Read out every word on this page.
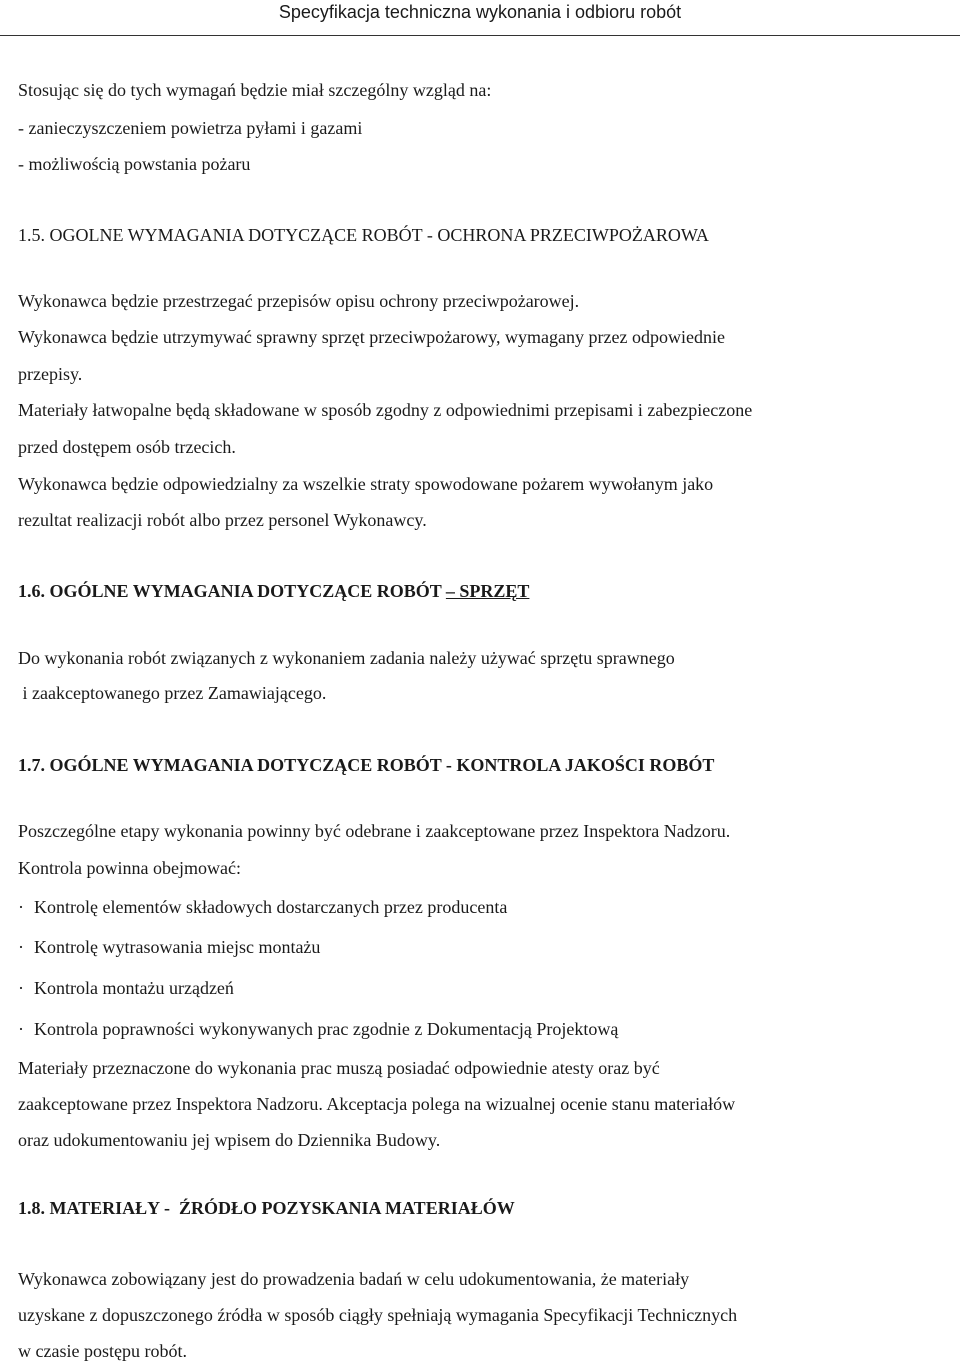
Specyfikacja techniczna wykonania i odbioru robót
Stosując się do tych wymagań będzie miał szczególny wzgląd na:
- zanieczyszczeniem powietrza pyłami i gazami
- możliwością powstania pożaru
1.5. OGOLNE WYMAGANIA DOTYCZĄCE ROBÓT - OCHRONA PRZECIWPOŻAROWA
Wykonawca będzie przestrzegać przepisów opisu ochrony przeciwpożarowej.
Wykonawca będzie utrzymywać sprawny sprzęt przeciwpożarowy, wymagany przez odpowiednie
przepisy.
Materiały łatwopalne będą składowane w sposób zgodny z odpowiednimi przepisami i zabezpieczone
przed dostępem osób trzecich.
Wykonawca będzie odpowiedzialny za wszelkie straty spowodowane pożarem wywołanym jako
rezultat realizacji robót albo przez personel Wykonawcy.
1.6. OGÓLNE WYMAGANIA DOTYCZĄCE ROBÓT – SPRZĘT
Do wykonania robót związanych z wykonaniem zadania należy używać sprzętu sprawnego
i zaakceptowanego przez Zamawiającego.
1.7. OGÓLNE WYMAGANIA DOTYCZĄCE ROBÓT - KONTROLA JAKOŚCI ROBÓT
Poszczególne etapy wykonania powinny być odebrane i zaakceptowane przez Inspektora Nadzoru.
Kontrola powinna obejmować:
· Kontrolę elementów składowych dostarczanych przez producenta
· Kontrolę wytrasowania miejsc montażu
· Kontrola montażu urządzeń
· Kontrola poprawności wykonywanych prac zgodnie z Dokumentacją Projektową
Materiały przeznaczone do wykonania prac muszą posiadać odpowiednie atesty oraz być
zaakceptowane przez Inspektora Nadzoru. Akceptacja polega na wizualnej ocenie stanu materiałów
oraz udokumentowaniu jej wpisem do Dziennika Budowy.
1.8. MATERIAŁY -  ŹRÓDŁO POZYSKANIA MATERIAŁÓW
Wykonawca zobowiązany jest do prowadzenia badań w celu udokumentowania, że materiały
uzyskane z dopuszczonego źródła w sposób ciągły spełniają wymagania Specyfikacji Technicznych
w czasie postępu robót.
